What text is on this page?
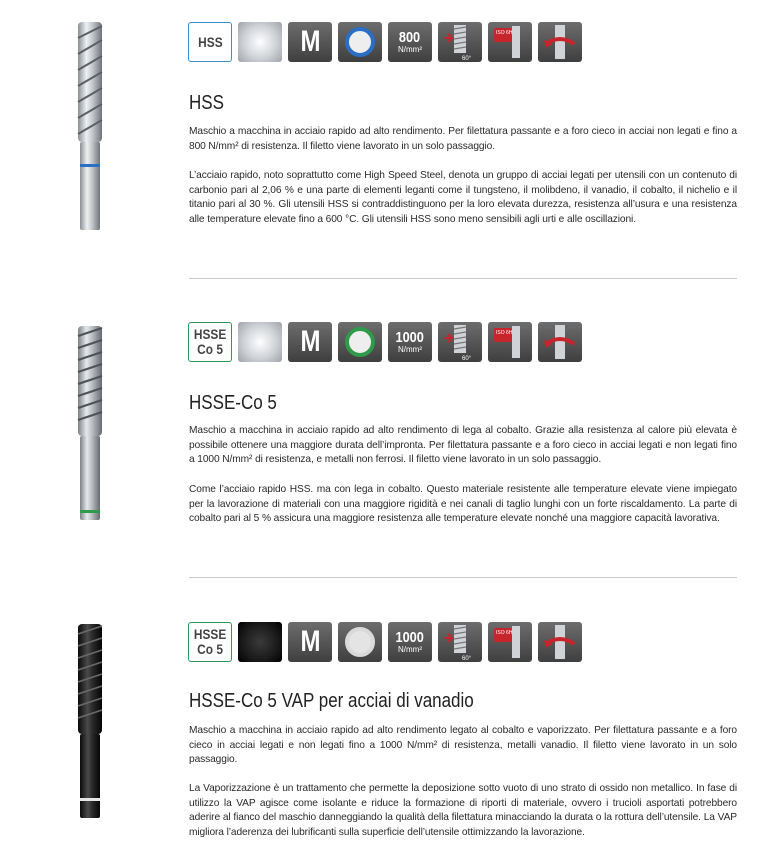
HSS	M	800
N/mm²
60°
ISO 6H
HSS

Maschio a macchina in acciaio rapido ad alto rendimento. Per filettatura passante e a foro cieco in acciai non legati e fino a 800 N/mm² di resistenza. Il filetto viene lavorato in un solo passaggio.

L’acciaio rapido, noto soprattutto come High Speed Steel, denota un gruppo di acciai legati per utensili con un contenuto di carbonio pari al 2,06 % e una parte di elementi leganti come il tungsteno, il molibdeno, il vanadio, il cobalto, il nichelio e il titanio pari al 30 %. Gli utensili HSS si contraddistinguono per la loro elevata durezza, resistenza all’usura e una resistenza alle temperature elevate fino a 600 °C. Gli utensili HSS sono meno sensibili agli urti e alle oscillazioni.

HSSE
Co 5	M	1000
N/mm²
60°
ISO 6H
HSSE-Co 5

Maschio a macchina in acciaio rapido ad alto rendimento di lega al cobalto. Grazie alla resistenza al calore più elevata è possibile ottenere una maggiore durata dell’impronta. Per filettatura passante e a foro cieco in acciai legati e non legati fino a 1000 N/mm² di resistenza, e metalli non ferrosi. Il filetto viene lavorato in un solo passaggio.

Come l’acciaio rapido HSS. ma con lega in cobalto. Questo materiale resistente alle temperature elevate viene impiegato per la lavorazione di materiali con una maggiore rigidità e nei canali di taglio lunghi con un forte riscaldamento. La parte di cobalto pari al 5 % assicura una maggiore resistenza alle temperature elevate nonché una maggiore capacità lavorativa.

HSSE
Co 5	M	1000
N/mm²
60°
ISO 6H
HSSE-Co 5 VAP per acciai di vanadio

Maschio a macchina in acciaio rapido ad alto rendimento legato al cobalto e vaporizzato. Per filettatura passante e a foro cieco in acciai legati e non legati fino a 1000 N/mm² di resistenza, metalli vanadio. Il filetto viene lavorato in un solo passaggio.

La Vaporizzazione è un trattamento che permette la deposizione sotto vuoto di uno strato di ossido non metallico. In fase di utilizzo la VAP agisce come isolante e riduce la formazione di riporti di materiale, ovvero i trucioli asportati potrebbero aderire al fianco del maschio danneggiando la qualità della filettatura minacciando la durata o la rottura dell’utensile. La VAP migliora l’aderenza dei lubrificanti sulla superficie dell’utensile ottimizzando la lavorazione.
